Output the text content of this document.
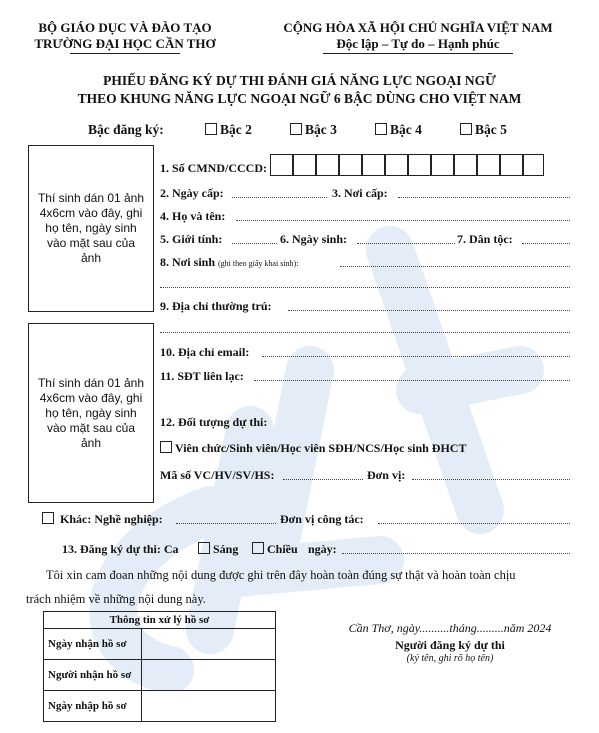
BỘ GIÁO DỤC VÀ ĐÀO TẠO
TRƯỜNG ĐẠI HỌC CẦN THƠ
CỘNG HÒA XÃ HỘI CHỦ NGHĨA VIỆT NAM
Độc lập – Tự do – Hạnh phúc
PHIẾU ĐĂNG KÝ DỰ THI ĐÁNH GIÁ NĂNG LỰC NGOẠI NGỮ
THEO KHUNG NĂNG LỰC NGOẠI NGỮ 6 BẬC DÙNG CHO VIỆT NAM
Bậc đăng ký:	Bậc 2	Bậc 3	Bậc 4	Bậc 5
Thí sinh dán 01 ảnh 4x6cm vào đây, ghi họ tên, ngày sinh vào mặt sau của ảnh
Thí sinh dán 01 ảnh 4x6cm vào đây, ghi họ tên, ngày sinh vào mặt sau của ảnh
1. Số CMND/CCCD:
2. Ngày cấp:	3. Nơi cấp:
4. Họ và tên:
5. Giới tính:	6. Ngày sinh:	7. Dân tộc:
8. Nơi sinh (ghi theo giấy khai sinh):
9. Địa chỉ thường trú:
10. Địa chỉ email:
11. SĐT liên lạc:
12. Đối tượng dự thi:
Viên chức/Sinh viên/Học viên SĐH/NCS/Học sinh ĐHCT
Mã số VC/HV/SV/HS:	Đơn vị:
Khác: Nghề nghiệp:	Đơn vị công tác:
13. Đăng ký dự thi: Ca	Sáng	Chiều ngày:
Tôi xin cam đoan những nội dung được ghi trên đây hoàn toàn đúng sự thật và hoàn toàn chịu
trách nhiệm về những nội dung này.
Thông tin xử lý hồ sơ	
Ngày nhận hồ sơ	
Người nhận hồ sơ	
Ngày nhập hồ sơ	
Cần Thơ, ngày..........tháng.........năm 2024
Người đăng ký dự thi
(ký tên, ghi rõ họ tên)
